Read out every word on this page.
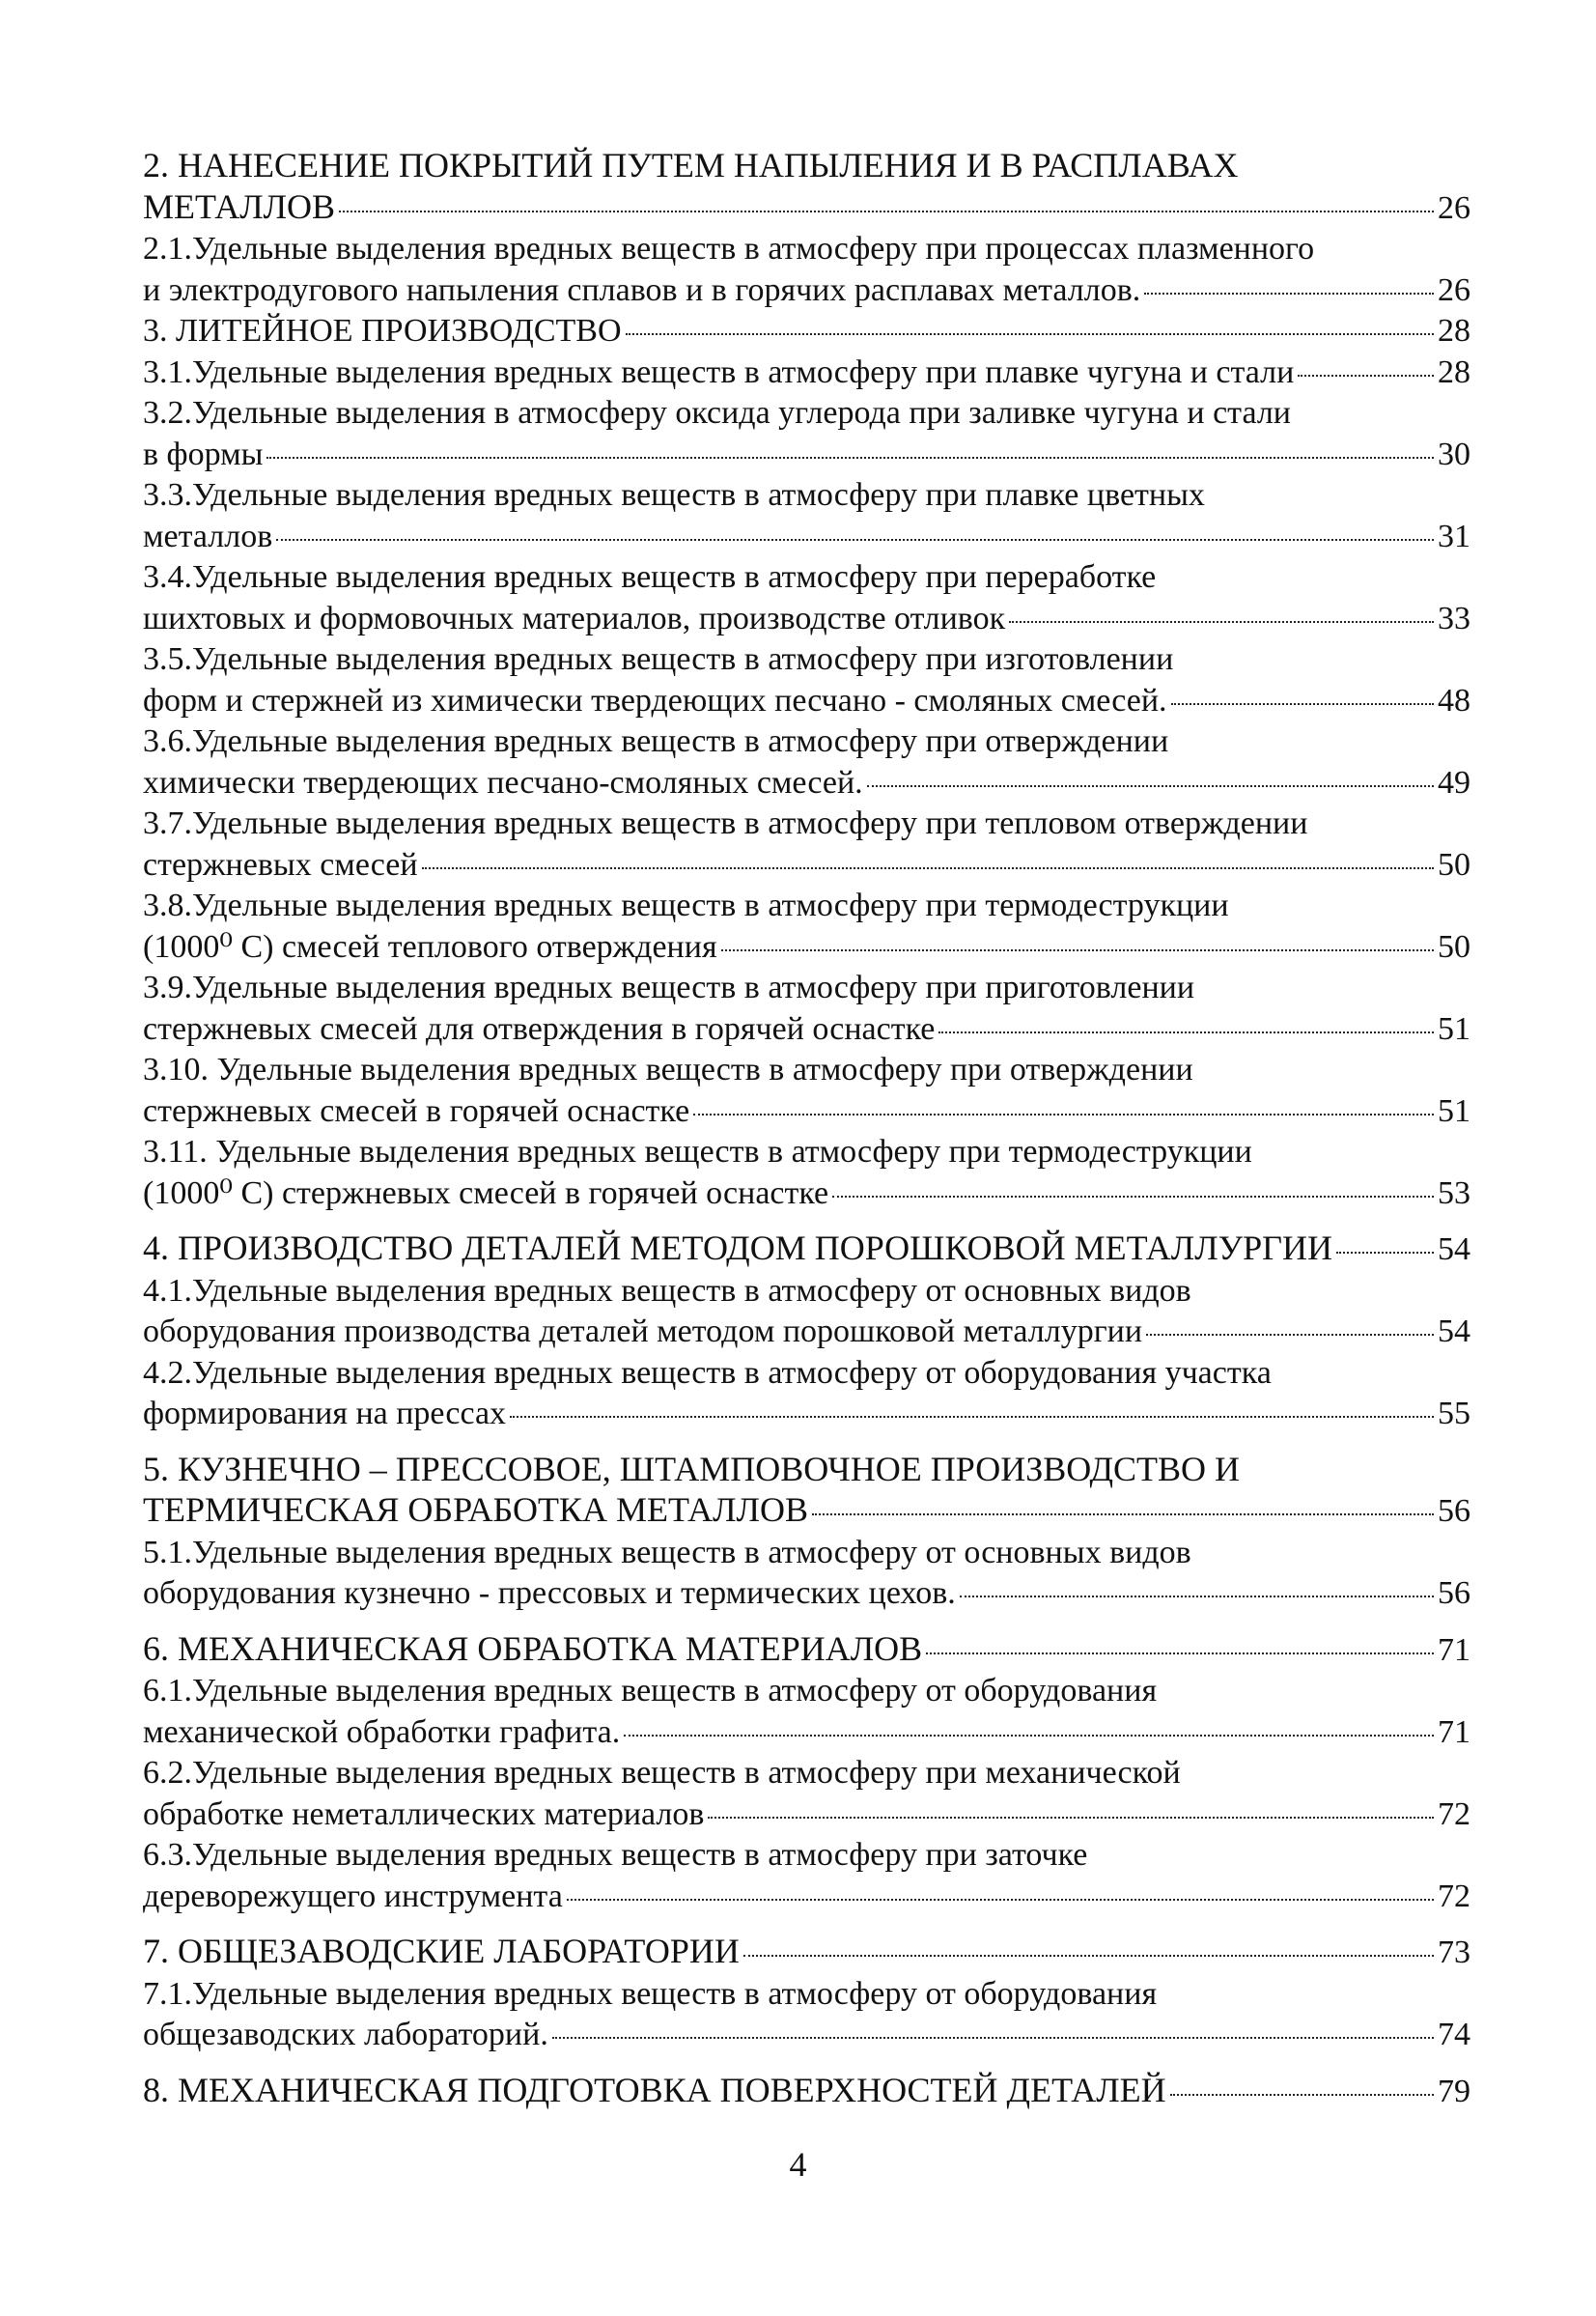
2. НАНЕСЕНИЕ ПОКРЫТИЙ ПУТЕМ НАПЫЛЕНИЯ И В РАСПЛАВАХ
МЕТАЛЛОВ	26
2.1.Удельные выделения вредных веществ в атмосферу при процессах плазменного
и электродугового напыления сплавов и в горячих расплавах металлов.	26
3. ЛИТЕЙНОЕ ПРОИЗВОДСТВО	28
3.1.Удельные выделения вредных веществ в атмосферу при плавке чугуна и стали	28
3.2.Удельные выделения в атмосферу оксида углерода при заливке чугуна и стали
в формы	30
3.3.Удельные выделения вредных веществ в атмосферу при плавке цветных
металлов	31
3.4.Удельные выделения вредных веществ в атмосферу при переработке
шихтовых и формовочных материалов, производстве отливок	33
3.5.Удельные выделения вредных веществ в атмосферу при изготовлении
форм и стержней из химически твердеющих песчано - смоляных смесей.	48
3.6.Удельные выделения вредных веществ в атмосферу при отверждении
химически твердеющих песчано-смоляных смесей.	49
3.7.Удельные выделения вредных веществ в атмосферу при тепловом отверждении
стержневых смесей	50
3.8.Удельные выделения вредных веществ в атмосферу при термодеструкции
(1000⁰ С) смесей теплового отверждения	50
3.9.Удельные выделения вредных веществ в атмосферу при приготовлении
стержневых смесей для отверждения в горячей оснастке	51
3.10. Удельные выделения вредных веществ в атмосферу при отверждении
стержневых смесей в горячей оснастке	51
3.11. Удельные выделения вредных веществ в атмосферу при термодеструкции
(1000⁰ С) стержневых смесей в горячей оснастке	53
4. ПРОИЗВОДСТВО ДЕТАЛЕЙ МЕТОДОМ ПОРОШКОВОЙ МЕТАЛЛУРГИИ	54
4.1.Удельные выделения вредных веществ в атмосферу от основных видов
оборудования производства деталей методом порошковой металлургии	54
4.2.Удельные выделения вредных веществ в атмосферу от оборудования участка
формирования на прессах	55
5. КУЗНЕЧНО – ПРЕССОВОЕ, ШТАМПОВОЧНОЕ ПРОИЗВОДСТВО И
ТЕРМИЧЕСКАЯ ОБРАБОТКА МЕТАЛЛОВ	56
5.1.Удельные выделения вредных веществ в атмосферу от основных видов
оборудования кузнечно - прессовых и термических цехов.	56
6. МЕХАНИЧЕСКАЯ ОБРАБОТКА МАТЕРИАЛОВ	71
6.1.Удельные выделения вредных веществ в атмосферу от оборудования
механической обработки графита.	71
6.2.Удельные выделения вредных веществ в атмосферу при механической
обработке неметаллических материалов	72
6.3.Удельные выделения вредных веществ в атмосферу при заточке
дереворежущего инструмента	72
7. ОБЩЕЗАВОДСКИЕ ЛАБОРАТОРИИ	73
7.1.Удельные выделения вредных веществ в атмосферу от оборудования
общезаводских лабораторий.	74
8. МЕХАНИЧЕСКАЯ ПОДГОТОВКА ПОВЕРХНОСТЕЙ ДЕТАЛЕЙ	79
4
